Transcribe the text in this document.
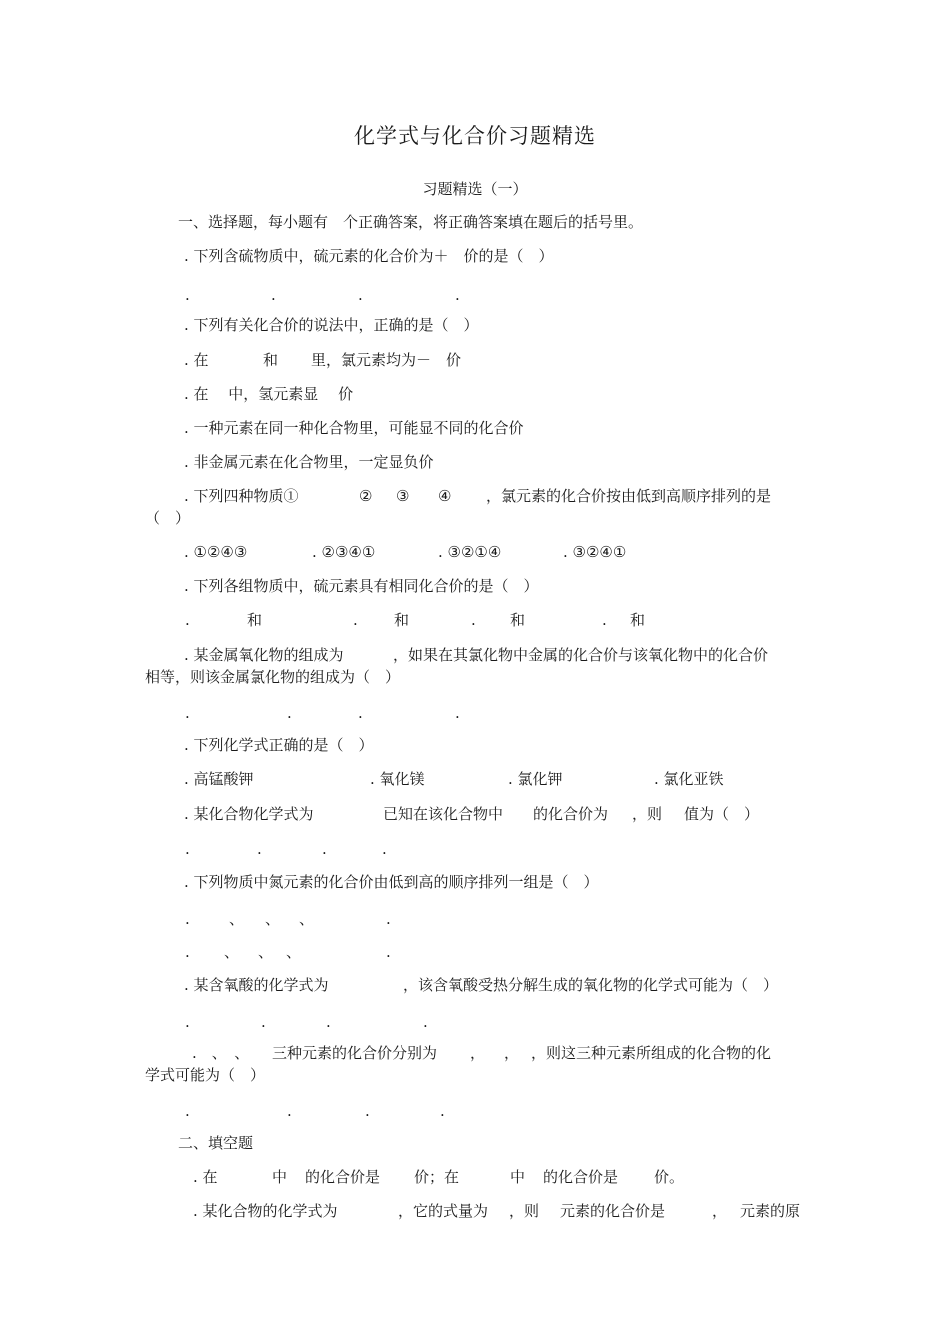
化学式与化合价习题精选
习题精选（一）
一、选择题，每小题有　个正确答案，将正确答案填在题后的括号里。
. 下列含硫物质中，硫元素的化合价为＋　价的是（　）
.	.	.	.
. 下列有关化合价的说法中，正确的是（　）
. 在	和 里，氯元素均为－　价
. 在　 中，氢元素显　 价
. 一种元素在同一种化合物里，可能显不同的化合价
. 非金属元素在化合物里，一定显负价
. 下列四种物质①	② ③ ④ ，氯元素的化合价按由低到高顺序排列的是
（　）
. ①②④③	. ②③④①	. ③②①④	. ③②④①
. 下列各组物质中，硫元素具有相同化合价的是（　）
.	和	. 和	. 和	. 和
. 某金属氧化物的组成为	，如果在其氯化物中金属的化合价与该氧化物中的化合价
相等，则该金属氯化物的组成为（　）
.	.	.	.
. 下列化学式正确的是（　）
. 高锰酸钾	. 氧化镁	. 氯化钾	. 氯化亚铁
. 某化合物化学式为	已知在该化合物中 的化合价为 ，则 值为（　）
.	.	.	.
. 下列物质中氮元素的化合价由低到高的顺序排列一组是（　）
.	、 、 、	.
. 、 、 、	.
. 某含氧酸的化学式为	，该含氧酸受热分解生成的氧化物的化学式可能为（　）
.	.	.	.
.　、　、 三种元素的化合价分别为 ， ， ，则这三种元素所组成的化合物的化
学式可能为（　）
.	.	.	.
二、填空题
. 在	中 的化合价是 价；在	中 的化合价是 价。
. 某化合物的化学式为	，它的式量为 ，则 元素的化合价是	， 元素的原
